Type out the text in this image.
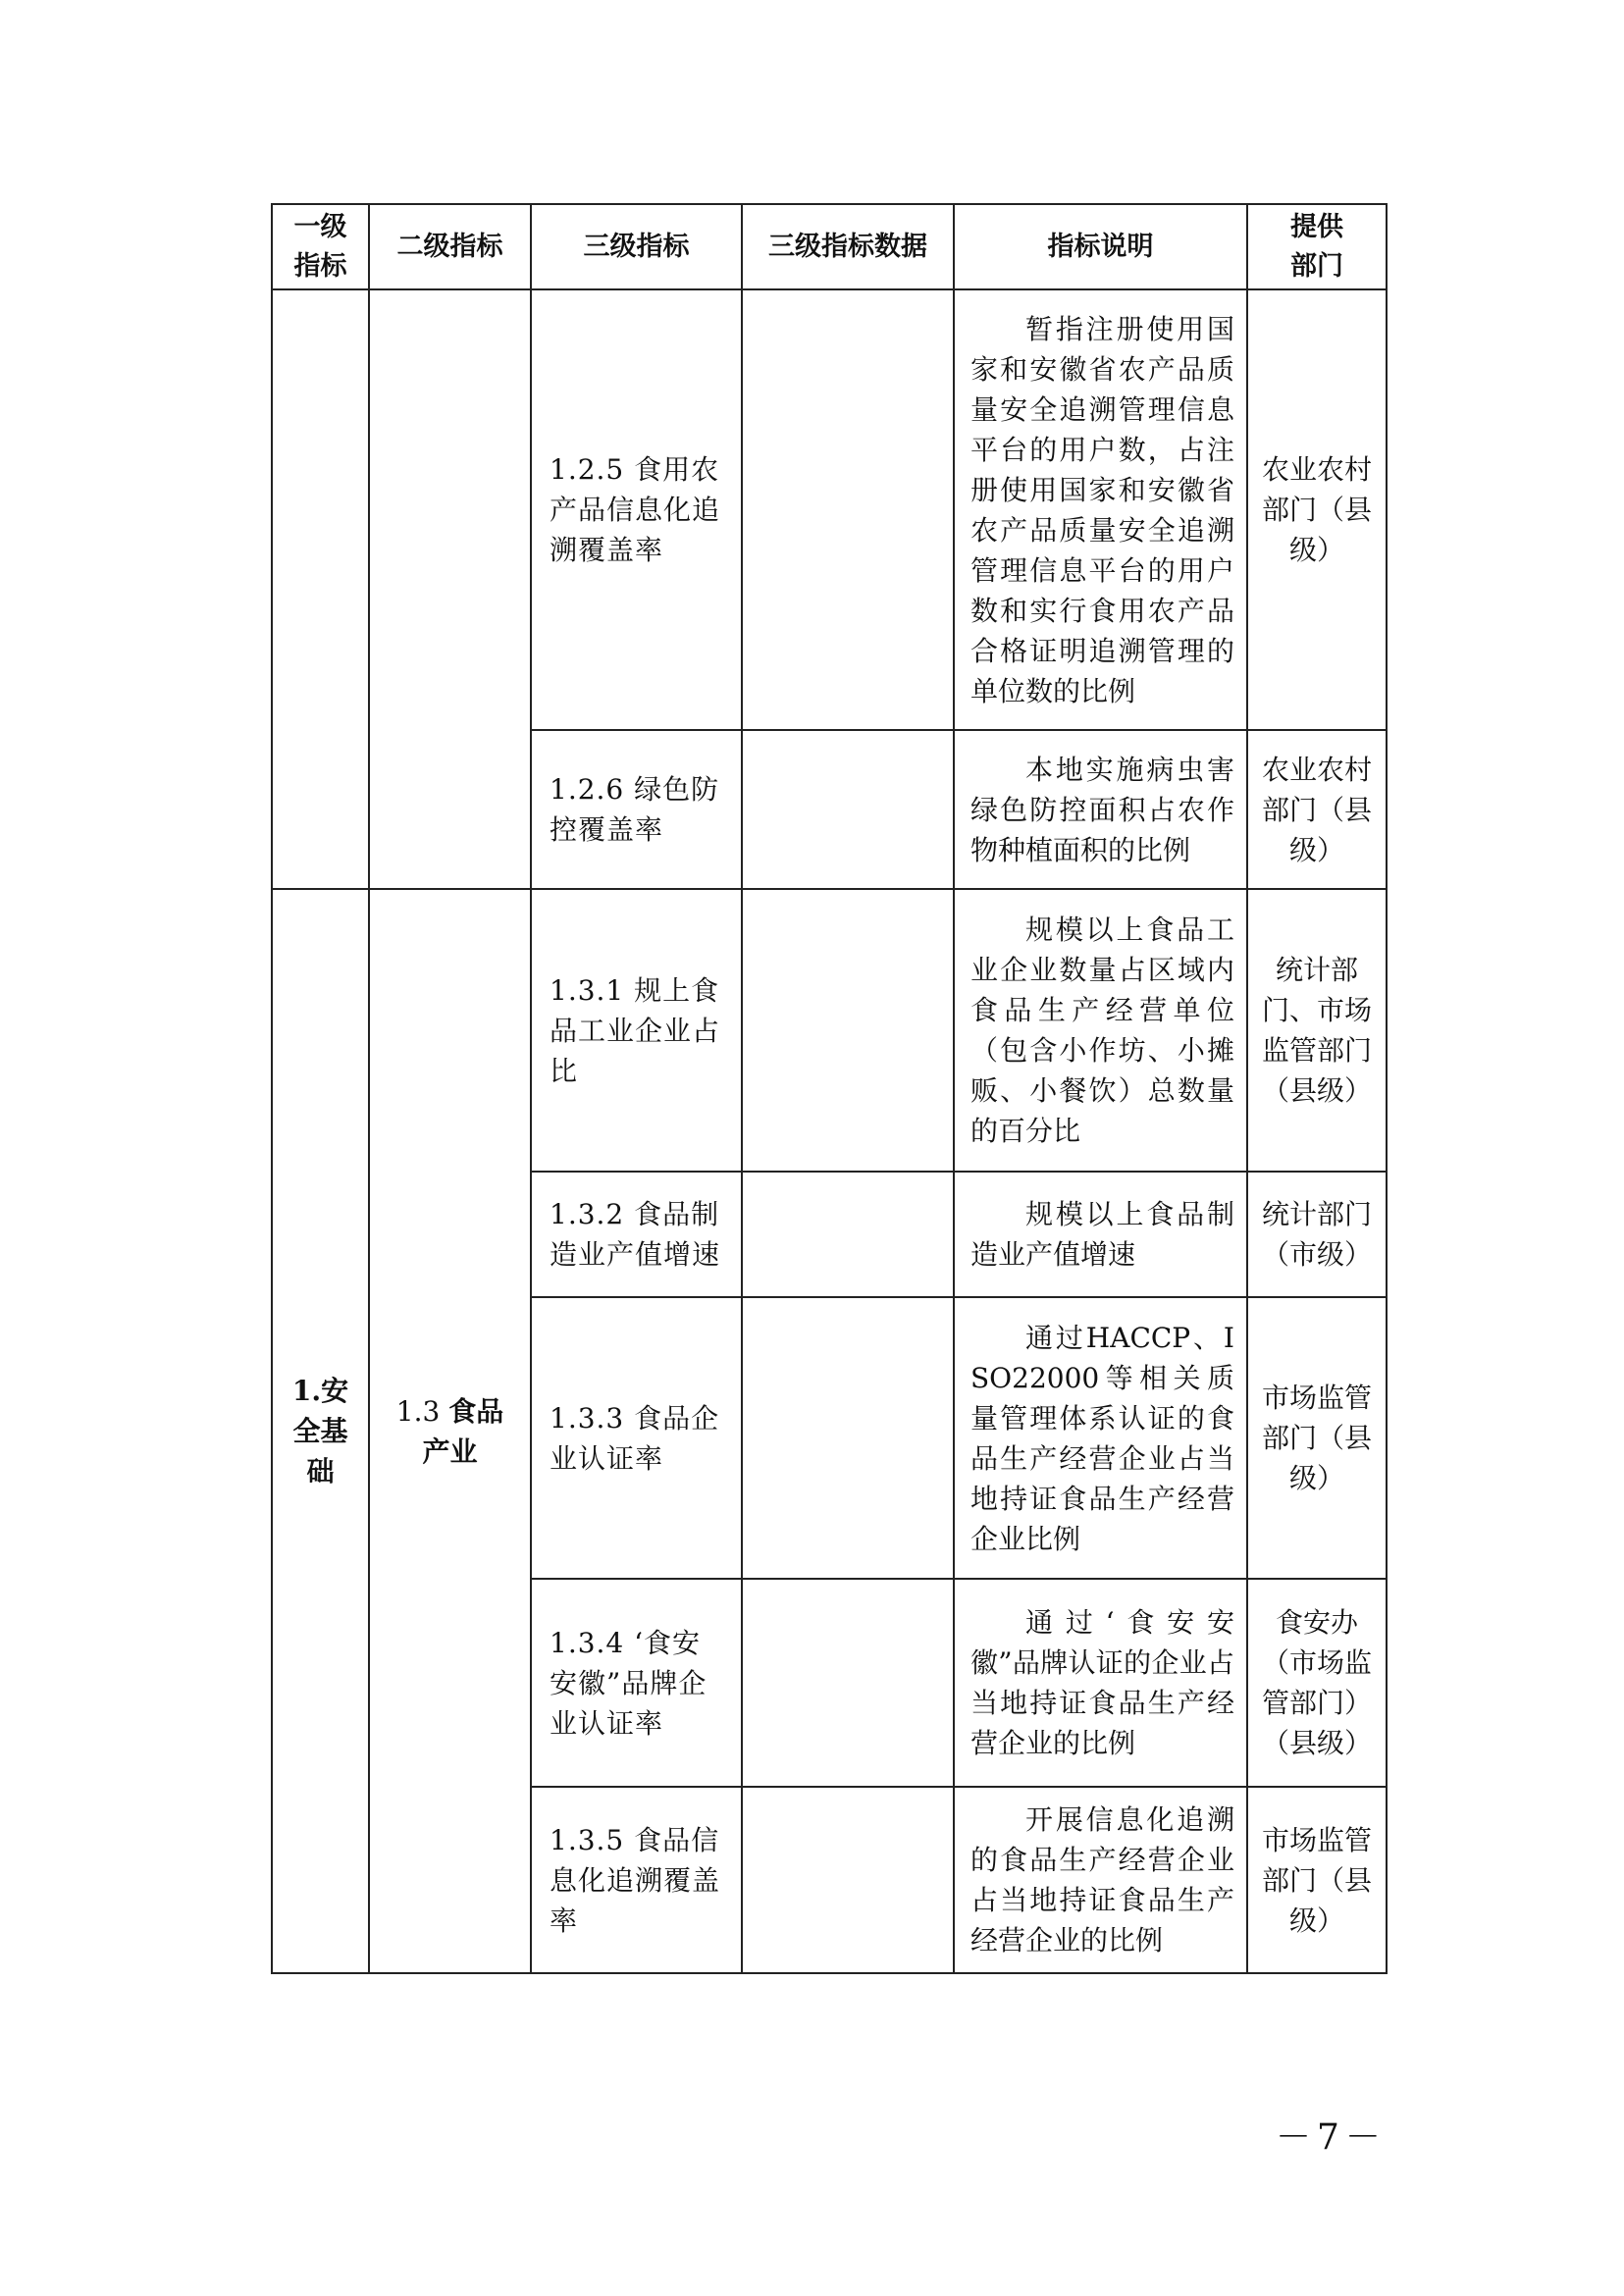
一级指标	二级指标	三级指标	三级指标数据	指标说明	提供部门
		1.2.5 食用农产品信息化追溯覆盖率		暂指注册使用国家和安徽省农产品质量安全追溯管理信息平台的用户数，占注册使用国家和安徽省农产品质量安全追溯管理信息平台的用户数和实行食用农产品合格证明追溯管理的单位数的比例	农业农村部门（县级）
		1.2.6 绿色防控覆盖率		本地实施病虫害绿色防控面积占农作物种植面积的比例	农业农村部门（县级）
1.安全基础	1.3 食品产业	1.3.1 规上食品工业企业占比		规模以上食品工业企业数量占区域内食品生产经营单位（包含小作坊、小摊贩、小餐饮）总数量的百分比	统计部门、市场监管部门（县级）
		1.3.2 食品制造业产值增速		规模以上食品制造业产值增速	统计部门（市级）
		1.3.3 食品企业认证率		通过HACCP、ISO22000等相关质量管理体系认证的食品生产经营企业占当地持证食品生产经营企业比例	市场监管部门（县级）
		1.3.4 ‘食安安徽”品牌企业认证率		通过‘食安安徽”品牌认证的企业占当地持证食品生产经营企业的比例	食安办（市场监管部门）（县级）
		1.3.5 食品信息化追溯覆盖率		开展信息化追溯的食品生产经营企业占当地持证食品生产经营企业的比例	市场监管部门（县级）
－7－
